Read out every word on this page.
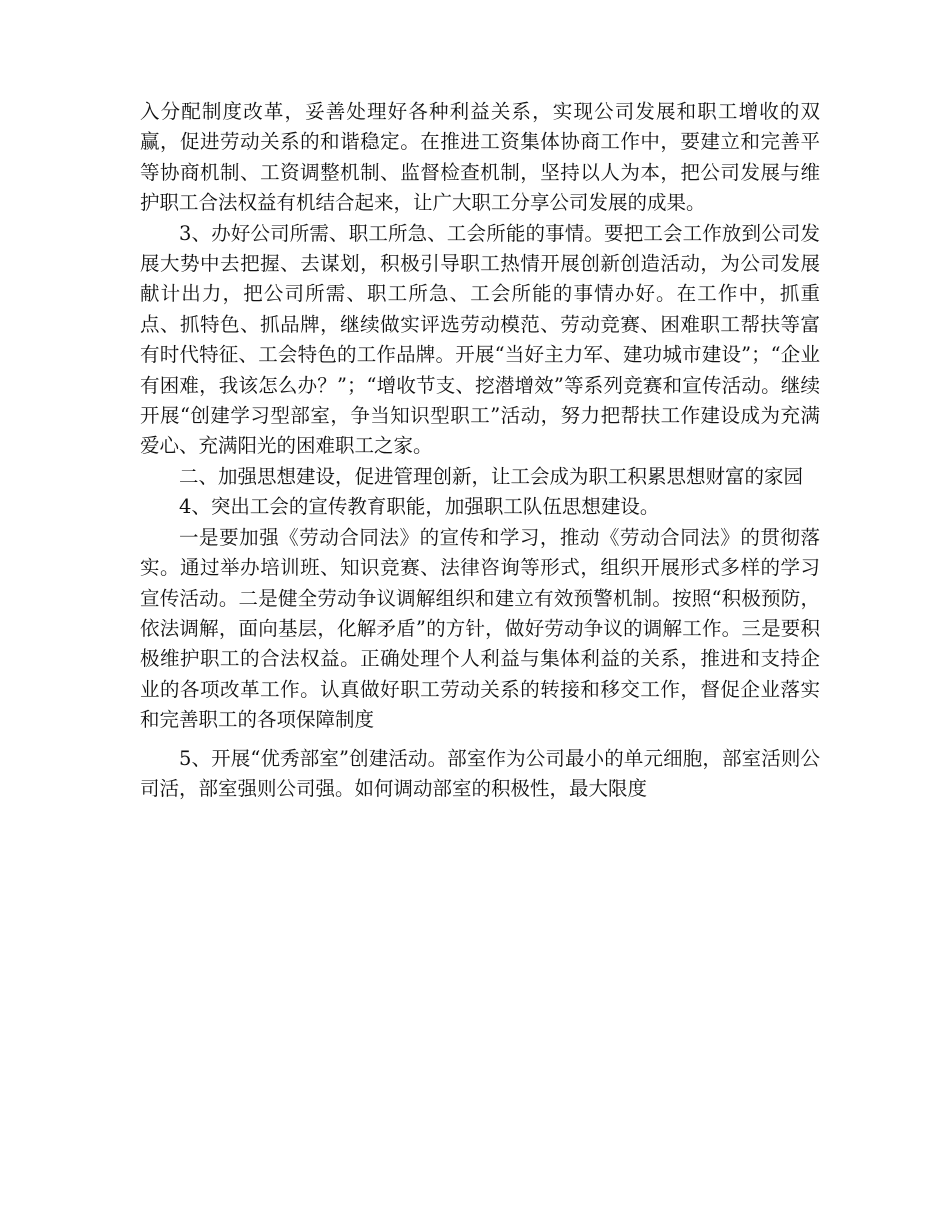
入分配制度改革，妥善处理好各种利益关系，实现公司发展和职工增收的双赢，促进劳动关系的和谐稳定。在推进工资集体协商工作中，要建立和完善平等协商机制、工资调整机制、监督检查机制，坚持以人为本，把公司发展与维护职工合法权益有机结合起来，让广大职工分享公司发展的成果。

3、办好公司所需、职工所急、工会所能的事情。要把工会工作放到公司发展大势中去把握、去谋划，积极引导职工热情开展创新创造活动，为公司发展献计出力，把公司所需、职工所急、工会所能的事情办好。在工作中，抓重点、抓特色、抓品牌，继续做实评选劳动模范、劳动竞赛、困难职工帮扶等富有时代特征、工会特色的工作品牌。开展“当好主力军、建功城市建设”；“企业有困难，我该怎么办？”；“增收节支、挖潜增效”等系列竞赛和宣传活动。继续开展“创建学习型部室，争当知识型职工”活动，努力把帮扶工作建设成为充满爱心、充满阳光的困难职工之家。

二、加强思想建设，促进管理创新，让工会成为职工积累思想财富的家园

4、突出工会的宣传教育职能，加强职工队伍思想建设。

一是要加强《劳动合同法》的宣传和学习，推动《劳动合同法》的贯彻落实。通过举办培训班、知识竞赛、法律咨询等形式，组织开展形式多样的学习宣传活动。二是健全劳动争议调解组织和建立有效预警机制。按照“积极预防，依法调解，面向基层，化解矛盾”的方针，做好劳动争议的调解工作。三是要积极维护职工的合法权益。正确处理个人利益与集体利益的关系，推进和支持企业的各项改革工作。认真做好职工劳动关系的转接和移交工作，督促企业落实和完善职工的各项保障制度

5、开展“优秀部室”创建活动。部室作为公司最小的单元细胞，部室活则公司活，部室强则公司强。如何调动部室的积极性，最大限度
